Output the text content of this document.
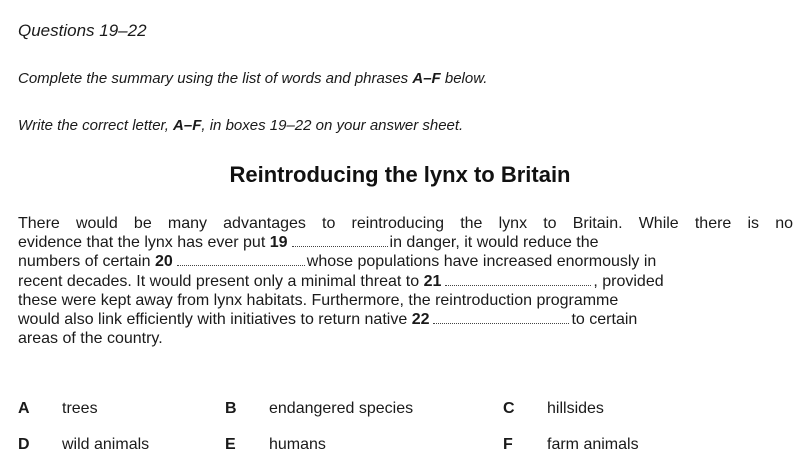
Questions 19–22

Complete the summary using the list of words and phrases A–F below.

Write the correct letter, A–F, in boxes 19–22 on your answer sheet.

Reintroducing the lynx to Britain
There would be many advantages to reintroducing the lynx to Britain. While there is no
evidence that the lynx has ever put 19	in danger, it would reduce the
numbers of certain 20	whose populations have increased enormously in
recent decades. It would present only a minimal threat to 21	, provided
these were kept away from lynx habitats. Furthermore, the reintroduction programme
would also link efficiently with initiatives to return native 22	to certain
areas of the country.
A trees	B endangered species	C hillsides
D wild animals	E humans	F farm animals
